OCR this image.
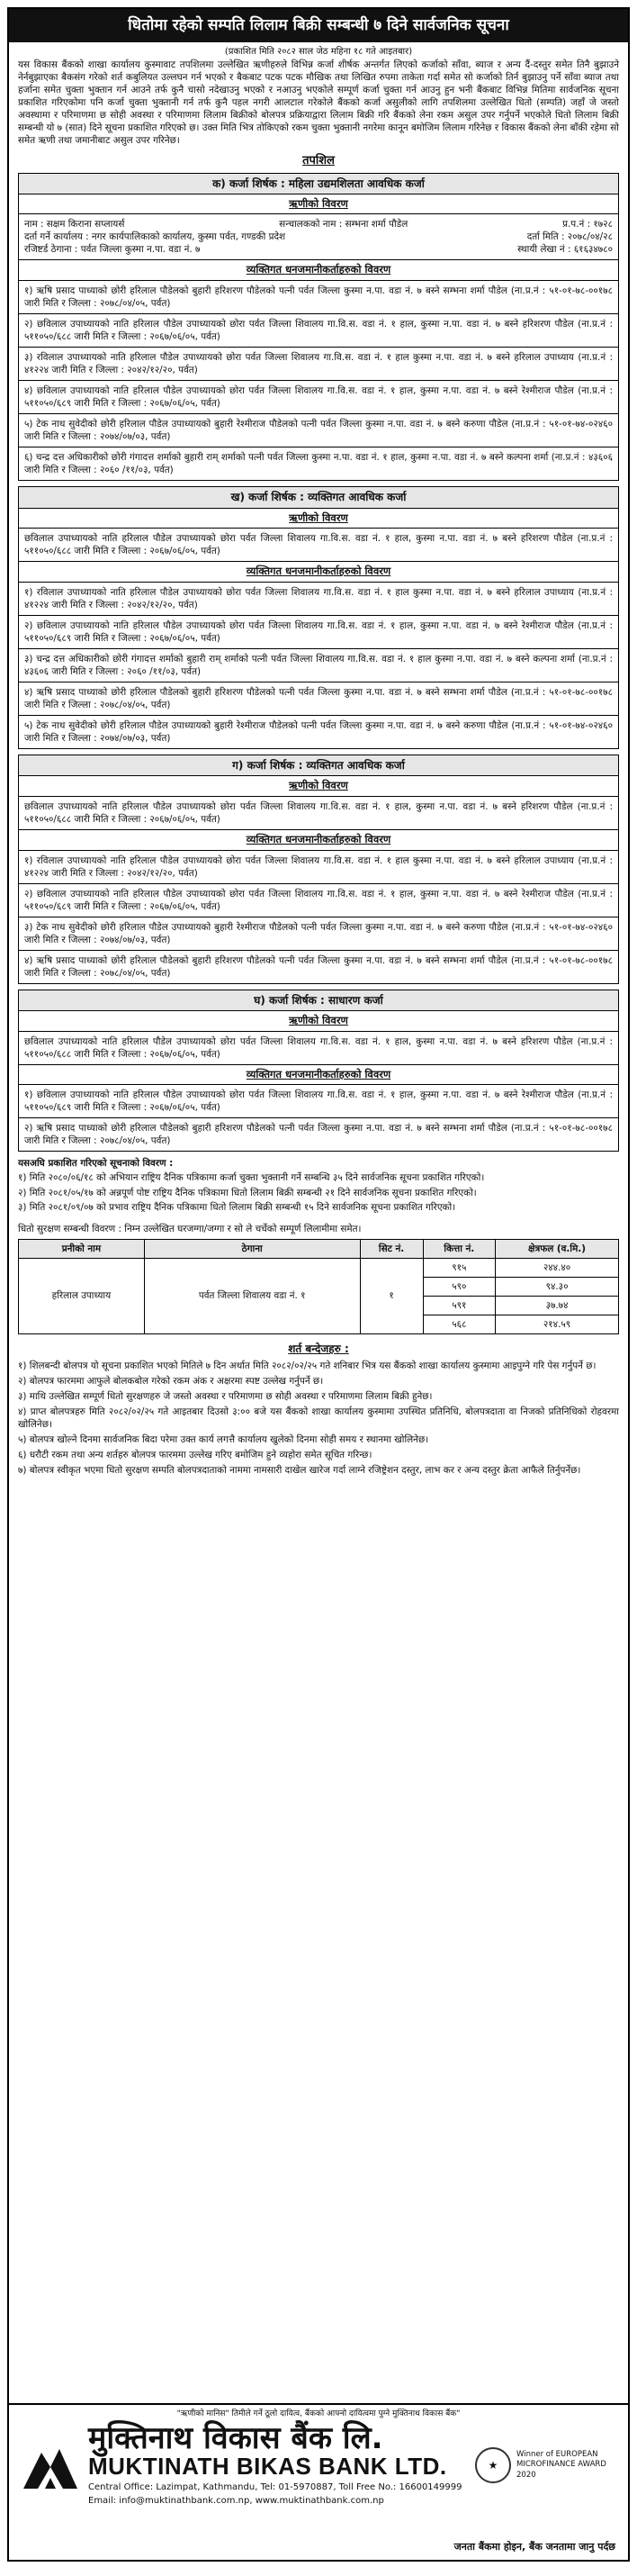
धितोमा रहेको सम्पति लिलाम बिक्री सम्बन्धी ७ दिने सार्वजनिक सूचना
(प्रकाशित मिति २०८२ साल जेठ महिना १८ गते आइतबार)
यस विकास बैंकको शाखा कार्यालय कुस्मावाट तपशिलमा उल्लेखित ऋणीहरुले विभिन्न कर्जा शीर्षक अन्तर्गत लिएको कर्जाको साँवा, ब्याज र अन्य दैं-दस्तुर समेत तिनै बुझाउने नेर्नबुझाएका बैकसंग गरेको शर्त कबुलियत उल्लघन गर्न भएको र बैकबाट पटक पटक मौखिक तथा लिखित रुपमा ताकेता गर्दा समेत सो कर्जाको तिर्न बुझाउनु पर्ने साँवा ब्याज तथा हर्जाना समेत चुक्ता भुक्तान गर्न आउने तर्फ कुनै चासो नदेखाउनु भएको र नआउनु भएकोले सम्पूर्ण कर्जा चुक्ता गर्न आउनु हुन भनी बैंकबाट विभिन्न मितिमा सार्वजनिक सूचना प्रकाशित गरिएकोमा पनि कर्जा चुक्ता भुक्तानी गर्न तर्फ कुनै पहल नगरी आलटाल गरेकोले बैंकको कर्जा असुलीको लागि तपशिलमा उल्लेखित धितो (सम्पति) जहाँ जे जस्तो अवस्थामा र परिमाणमा छ सोही अवस्था र परिमाणमा लिलाम बिक्रीको बोलपत्र प्रक्रियाद्वारा लिलाम बिक्री गरि बैंकको लेना रकम असुल उपर गर्नुपर्ने भएकोले धितो लिलाम बिक्री सम्बन्धी यो ७ (सात) दिने सूचना प्रकाशित गरिएको छ। उक्त मिति भित्र तोकिएको रकम चुक्ता भुक्तानी नगरेमा कानून बमोजिम लिलाम गरिनेछ र विकास बैंकको लेना बाँकी रहेमा सो समेत ऋणी तथा जमानीबाट असुल उपर गरिनेछ।
तपशिल
क) कर्जा शिर्षक : महिला उद्यमशिलता आवधिक कर्जा
ऋणीको विवरण
नाम : सक्षम किराना सप्लायर्स	सन्चालकको नाम : सम्भना शर्मा पौडेल	प्र.प.नं : १७२८
दर्ता गर्ने कार्यालय : नगर कार्यपालिकाको कार्यालय, कुस्मा पर्वत, गण्डकी प्रदेश	दर्ता मिति : २०७८/०४/२८
रजिष्टर्ड ठेगाना : पर्वत जिल्ला कुस्मा न.पा. वडा नं. ७	स्थायी लेखा नं : ६१६३४७८०
व्यक्तिगत धनजमानीकर्ताहरुको विवरण
१) ऋषि प्रसाद पाध्याको छोरी हरिलाल पौडेलको बुहारी हरिशरण पौडेलको पत्नी पर्वत जिल्ला कुस्मा न.पा. वडा नं. ७ बस्ने सम्भना शर्मा पौडेल (ना.प्र.नं : ५१-०१-७८-००१७८ जारी मिति र जिल्ला : २०७८/०४/०५, पर्वत)
२) छविलाल उपाध्यायको नाति हरिलाल पौडेल उपाध्यायको छोरा पर्वत जिल्ला शिवालय गा.वि.स. वडा नं. १ हाल, कुस्मा न.पा. वडा नं. ७ बस्ने हरिशरण पौडेल (ना.प्र.नं : ५११०५०/६८८ जारी मिति र जिल्ला : २०६७/०६/०५, पर्वत)
३) रविलाल उपाध्यायको नाति हरिलाल पौडेल उपाध्यायको छोरा पर्वत जिल्ला शिवालय गा.वि.स. वडा नं. १ हाल कुस्मा न.पा. वडा नं. ७ बस्ने हरिलाल उपाध्याय (ना.प्र.नं : ४१२२४ जारी मिति र जिल्ला : २०४२/१२/२०, पर्वत)
४) छविलाल उपाध्यायको नाति हरिलाल पौडेल उपाध्यायको छोरा पर्वत जिल्ला शिवालय गा.वि.स. वडा नं. १ हाल, कुस्मा न.पा. वडा नं. ७ बस्ने रेश्मीराज पौडेल (ना.प्र.नं : ५११०५०/६८९ जारी मिति र जिल्ला : २०६७/०६/०५, पर्वत)
५) टेक नाथ सुवेदीको छोरी हरिलाल पौडेल उपाध्यायको बुहारी रेश्मीराज पौडेलको पत्नी पर्वत जिल्ला कुस्मा न.पा. वडा नं. ७ बस्ने करुणा पौडेल (ना.प्र.नं : ५१-०१-७४-०२४६० जारी मिति र जिल्ला : २०७४/०७/०३, पर्वत)
६) चन्द्र दत्त अधिकारीको छोरी गंगादत्त शर्माको बुहारी राम् शर्माको पत्नी पर्वत जिल्ला कुस्मा न.पा. वडा नं. १ हाल, कुस्मा न.पा. वडा नं. ७ बस्ने कल्पना शर्मा (ना.प्र.नं : ४३६०६ जारी मिति र जिल्ला : २०६० /११/०३, पर्वत)
ख) कर्जा शिर्षक : व्यक्तिगत आवधिक कर्जा
ऋणीको विवरण
छविलाल उपाध्यायको नाति हरिलाल पौडेल उपाध्यायको छोरा पर्वत जिल्ला शिवालय गा.वि.स. वडा नं. १ हाल, कुस्मा न.पा. वडा नं. ७ बस्ने हरिशरण पौडेल (ना.प्र.नं : ५११०५०/६८८ जारी मिति र जिल्ला : २०६७/०६/०५, पर्वत)
व्यक्तिगत धनजमानीकर्ताहरुको विवरण
१) रविलाल उपाध्यायको नाति हरिलाल पौडेल उपाध्यायको छोरा पर्वत जिल्ला शिवालय गा.वि.स. वडा नं. १ हाल कुस्मा न.पा. वडा नं. ७ बस्ने हरिलाल उपाध्याय (ना.प्र.नं : ४१२२४ जारी मिति र जिल्ला : २०४२/१२/२०, पर्वत)
२) छविलाल उपाध्यायको नाति हरिलाल पौडेल उपाध्यायको छोरा पर्वत जिल्ला शिवालय गा.वि.स. वडा नं. १ हाल, कुस्मा न.पा. वडा नं. ७ बस्ने रेश्मीराज पौडेल (ना.प्र.नं : ५११०५०/६८९ जारी मिति र जिल्ला : २०६७/०६/०५, पर्वत)
३) चन्द्र दत्त अधिकारीको छोरी गंगादत्त शर्माको बुहारी राम् शर्माको पत्नी पर्वत जिल्ला शिवालय गा.वि.स. वडा नं. १ हाल कुस्मा न.पा. वडा नं. ७ बस्ने कल्पना शर्मा (ना.प्र.नं : ४३६०६ जारी मिति र जिल्ला : २०६० /११/०३, पर्वत)
४) ऋषि प्रसाद पाध्याको छोरी हरिलाल पौडेलको बुहारी हरिशरण पौडेलको पत्नी पर्वत जिल्ला कुस्मा न.पा. वडा नं. ७ बस्ने सम्भना शर्मा पौडेल (ना.प्र.नं : ५१-०१-७८-००१७८ जारी मिति र जिल्ला : २०७८/०४/०५, पर्वत)
५) टेक नाथ सुवेदीको छोरी हरिलाल पौडेल उपाध्यायको बुहारी रेश्मीराज पौडेलको पत्नी पर्वत जिल्ला कुस्मा न.पा. वडा नं. ७ बस्ने करुणा पौडेल (ना.प्र.नं : ५१-०१-७४-०२४६० जारी मिति र जिल्ला : २०७४/०७/०३, पर्वत)
ग) कर्जा शिर्षक : व्यक्तिगत आवधिक कर्जा
ऋणीको विवरण
छविलाल उपाध्यायको नाति हरिलाल पौडेल उपाध्यायको छोरा पर्वत जिल्ला शिवालय गा.वि.स. वडा नं. १ हाल, कुस्मा न.पा. वडा नं. ७ बस्ने हरिशरण पौडेल (ना.प्र.नं : ५११०५०/६८८ जारी मिति र जिल्ला : २०६७/०६/०५, पर्वत)
व्यक्तिगत धनजमानीकर्ताहरुको विवरण
१) रविलाल उपाध्यायको नाति हरिलाल पौडेल उपाध्यायको छोरा पर्वत जिल्ला शिवालय गा.वि.स. वडा नं. १ हाल कुस्मा न.पा. वडा नं. ७ बस्ने हरिलाल उपाध्याय (ना.प्र.नं : ४१२२४ जारी मिति र जिल्ला : २०४२/१२/२०, पर्वत)
२) छविलाल उपाध्यायको नाति हरिलाल पौडेल उपाध्यायको छोरा पर्वत जिल्ला शिवालय गा.वि.स. वडा नं. १ हाल, कुस्मा न.पा. वडा नं. ७ बस्ने रेश्मीराज पौडेल (ना.प्र.नं : ५११०५०/६८९ जारी मिति र जिल्ला : २०६७/०६/०५, पर्वत)
३) टेक नाथ सुवेदीको छोरी हरिलाल पौडेल उपाध्यायको बुहारी रेश्मीराज पौडेलको पत्नी पर्वत जिल्ला कुस्मा न.पा. वडा नं. ७ बस्ने करुणा पौडेल (ना.प्र.नं : ५१-०१-७४-०२४६० जारी मिति र जिल्ला : २०७४/०७/०३, पर्वत)
४) ऋषि प्रसाद पाध्याको छोरी हरिलाल पौडेलको बुहारी हरिशरण पौडेलको पत्नी पर्वत जिल्ला कुस्मा न.पा. वडा नं. ७ बस्ने सम्भना शर्मा पौडेल (ना.प्र.नं : ५१-०१-७८-००१७८ जारी मिति र जिल्ला : २०७८/०४/०५, पर्वत)
घ) कर्जा शिर्षक : साधारण कर्जा
ऋणीको विवरण
छविलाल उपाध्यायको नाति हरिलाल पौडेल उपाध्यायको छोरा पर्वत जिल्ला शिवालय गा.वि.स. वडा नं. १ हाल, कुस्मा न.पा. वडा नं. ७ बस्ने हरिशरण पौडेल (ना.प्र.नं : ५११०५०/६८८ जारी मिति र जिल्ला : २०६७/०६/०५, पर्वत)
व्यक्तिगत धनजमानीकर्ताहरुको विवरण
१) छविलाल उपाध्यायको नाति हरिलाल पौडेल उपाध्यायको छोरा पर्वत जिल्ला शिवालय गा.वि.स. वडा नं. १ हाल, कुस्मा न.पा. वडा नं. ७ बस्ने रेश्मीराज पौडेल (ना.प्र.नं : ५११०५०/६८९ जारी मिति र जिल्ला : २०६७/०६/०५, पर्वत)
२) ऋषि प्रसाद पाध्याको छोरी हरिलाल पौडेलको बुहारी हरिशरण पौडेलको पत्नी पर्वत जिल्ला कुस्मा न.पा. वडा नं. ७ बस्ने सम्भना शर्मा पौडेल (ना.प्र.नं : ५१-०१-७८-००१७८ जारी मिति र जिल्ला : २०७८/०४/०५, पर्वत)
यसअघि प्रकाशित गरिएको सूचनाको विवरण :
१) मिति २०८०/०६/१८ को अभियान राष्ट्रिय दैनिक पत्रिकामा कर्जा चुक्ता भुक्तानी गर्ने सम्बन्धि ३५ दिने सार्वजनिक सूचना प्रकाशित गरिएको।
२) मिति २०८१/०५/१७ को अन्नपूर्ण पोष्ट राष्ट्रिय दैनिक पत्रिकामा धितो लिलाम बिक्री सम्बन्धी २१ दिने सार्वजनिक सूचना प्रकाशित गरिएको।
३) मिति २०८१/०९/०७ को प्रभाव राष्ट्रिय दैनिक पत्रिकामा धितो लिलाम बिक्री सम्बन्धी १५ दिने सार्वजनिक सूचना प्रकाशित गरिएको।
धितो सुरक्षण सम्बन्धी विवरण : निम्न उल्लेखित घरजग्गा/जग्गा र सो ले चर्चेको सम्पूर्ण लिलामीमा समेत।
प्रनीको नाम	ठेगाना	सिट नं.	कित्ता नं.	क्षेत्रफल (व.मि.)
हरिलाल उपाध्याय	पर्वत जिल्ला शिवालय वडा नं. १	१	९१५	२४४.४०
			५९०	९४.३०
			५९१	३७.७४
			५६८	२१४.५९
शर्त बन्देजहरु :
१) शिलबन्दी बोलपत्र यो सूचना प्रकाशित भएको मितिले ७ दिन अर्थात मिति २०८२/०२/२५ गते शनिबार भित्र यस बैंकको शाखा कार्यालय कुस्मामा आइपुग्ने गरि पेस गर्नुपर्ने छ।
२) बोलपत्र फारममा आफुले बोलकबोल गरेको रकम अंक र अक्षरमा स्पष्ट उल्लेख गर्नुपर्ने छ।
३) माथि उल्लेखित सम्पूर्ण धितो सुरक्षणहरु जे जस्तो अवस्था र परिमाणमा छ सोही अवस्था र परिमाणमा लिलाम बिक्री हुनेछ।
४) प्राप्त बोलपत्रहरु मिति २०८२/०२/२५ गते आइतबार दिउसो ३:०० बजे यस बैंकको शाखा कार्यालय कुस्मामा उपस्थित प्रतिनिधि, बोलपत्रदाता वा निजको प्रतिनिधिको रोहवरमा खोलिनेछ।
५) बोलपत्र खोल्ने दिनमा सार्वजनिक बिदा परेमा उक्त कार्य लगत्तै कार्यालय खुलेको दिनमा सोही समय र स्थानमा खोलिनेछ।
६) धरौटी रकम तथा अन्य शर्तहरु बोलपत्र फारममा उल्लेख गरिए बमोजिम हुने व्यहोरा समेत सूचित गरिन्छ।
७) बोलपत्र स्वीकृत भएमा धितो सुरक्षण सम्पति बोलपत्रदाताको नाममा नामसारी दाखेल खारेज गर्दा लाग्ने रजिष्ट्रेशन दस्तुर, लाभ कर र अन्य दस्तुर क्रेता आफैले तिर्नुपर्नेछ।
"ऋणीको मानिस" तिमीले गर्ने ठूलो दायित्व, बैंकको आफ्नो दायित्वमा पुग्ने मुक्तिनाथ विकास बैंक"
मुक्तिनाथ विकास बैंक लि.
MUKTINATH BIKAS BANK LTD.
Central Office: Lazimpat, Kathmandu, Tel: 01-5970887, Toll Free No.: 16600149999
Email: info@muktinathbank.com.np, www.muktinathbank.com.np
★
Winner of EUROPEAN MICROFINANCE AWARD 2020
जनता बैंकमा होइन, बैंक जनतामा जानु पर्दछ
